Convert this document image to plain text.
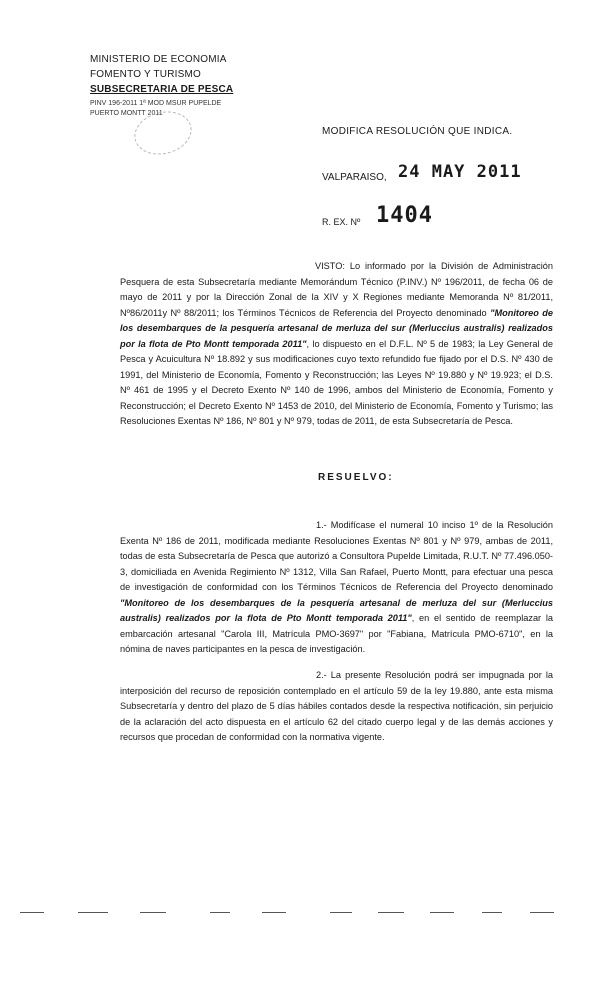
MINISTERIO DE ECONOMIA
FOMENTO Y TURISMO
SUBSECRETARIA DE PESCA
PINV 196-2011 1ª MOD MSUR PUPELDE
PUERTO MONTT 2011
MODIFICA RESOLUCIÓN QUE INDICA.
VALPARAISO, 24 MAY 2011
R. EX. Nº 1404
VISTO: Lo informado por la División de Administración Pesquera de esta Subsecretaría mediante Memorándum Técnico (P.INV.) Nº 196/2011, de fecha 06 de mayo de 2011 y por la Dirección Zonal de la XIV y X Regiones mediante Memoranda Nº 81/2011, Nº86/2011y Nº 88/2011; los Términos Técnicos de Referencia del Proyecto denominado "Monitoreo de los desembarques de la pesquería artesanal de merluza del sur (Merluccius australis) realizados por la flota de Pto Montt temporada 2011", lo dispuesto en el D.F.L. Nº 5 de 1983; la Ley General de Pesca y Acuicultura Nº 18.892 y sus modificaciones cuyo texto refundido fue fijado por el D.S. Nº 430 de 1991, del Ministerio de Economía, Fomento y Reconstrucción; las Leyes Nº 19.880 y Nº 19.923; el D.S. Nº 461 de 1995 y el Decreto Exento Nº 140 de 1996, ambos del Ministerio de Economía, Fomento y Reconstrucción; el Decreto Exento Nº 1453 de 2010, del Ministerio de Economía, Fomento y Turismo; las Resoluciones Exentas Nº 186, Nº 801 y Nº 979, todas de 2011, de esta Subsecretaría de Pesca.
RESUELVO:
1.- Modifícase el numeral 10 inciso 1º de la Resolución Exenta Nº 186 de 2011, modificada mediante Resoluciones Exentas Nº 801 y Nº 979, ambas de 2011, todas de esta Subsecretaría de Pesca que autorizó a Consultora Pupelde Limitada, R.U.T. Nº 77.496.050-3, domiciliada en Avenida Regimiento Nº 1312, Villa San Rafael, Puerto Montt, para efectuar una pesca de investigación de conformidad con los Términos Técnicos de Referencia del Proyecto denominado "Monitoreo de los desembarques de la pesquería artesanal de merluza del sur (Merluccius australis) realizados por la flota de Pto Montt temporada 2011", en el sentido de reemplazar la embarcación artesanal "Carola III, Matrícula PMO-3697" por "Fabiana, Matrícula PMO-6710", en la nómina de naves participantes en la pesca de investigación.
2.- La presente Resolución podrá ser impugnada por la interposición del recurso de reposición contemplado en el artículo 59 de la ley 19.880, ante esta misma Subsecretaría y dentro del plazo de 5 días hábiles contados desde la respectiva notificación, sin perjuicio de la aclaración del acto dispuesta en el artículo 62 del citado cuerpo legal y de las demás acciones y recursos que procedan de conformidad con la normativa vigente.
